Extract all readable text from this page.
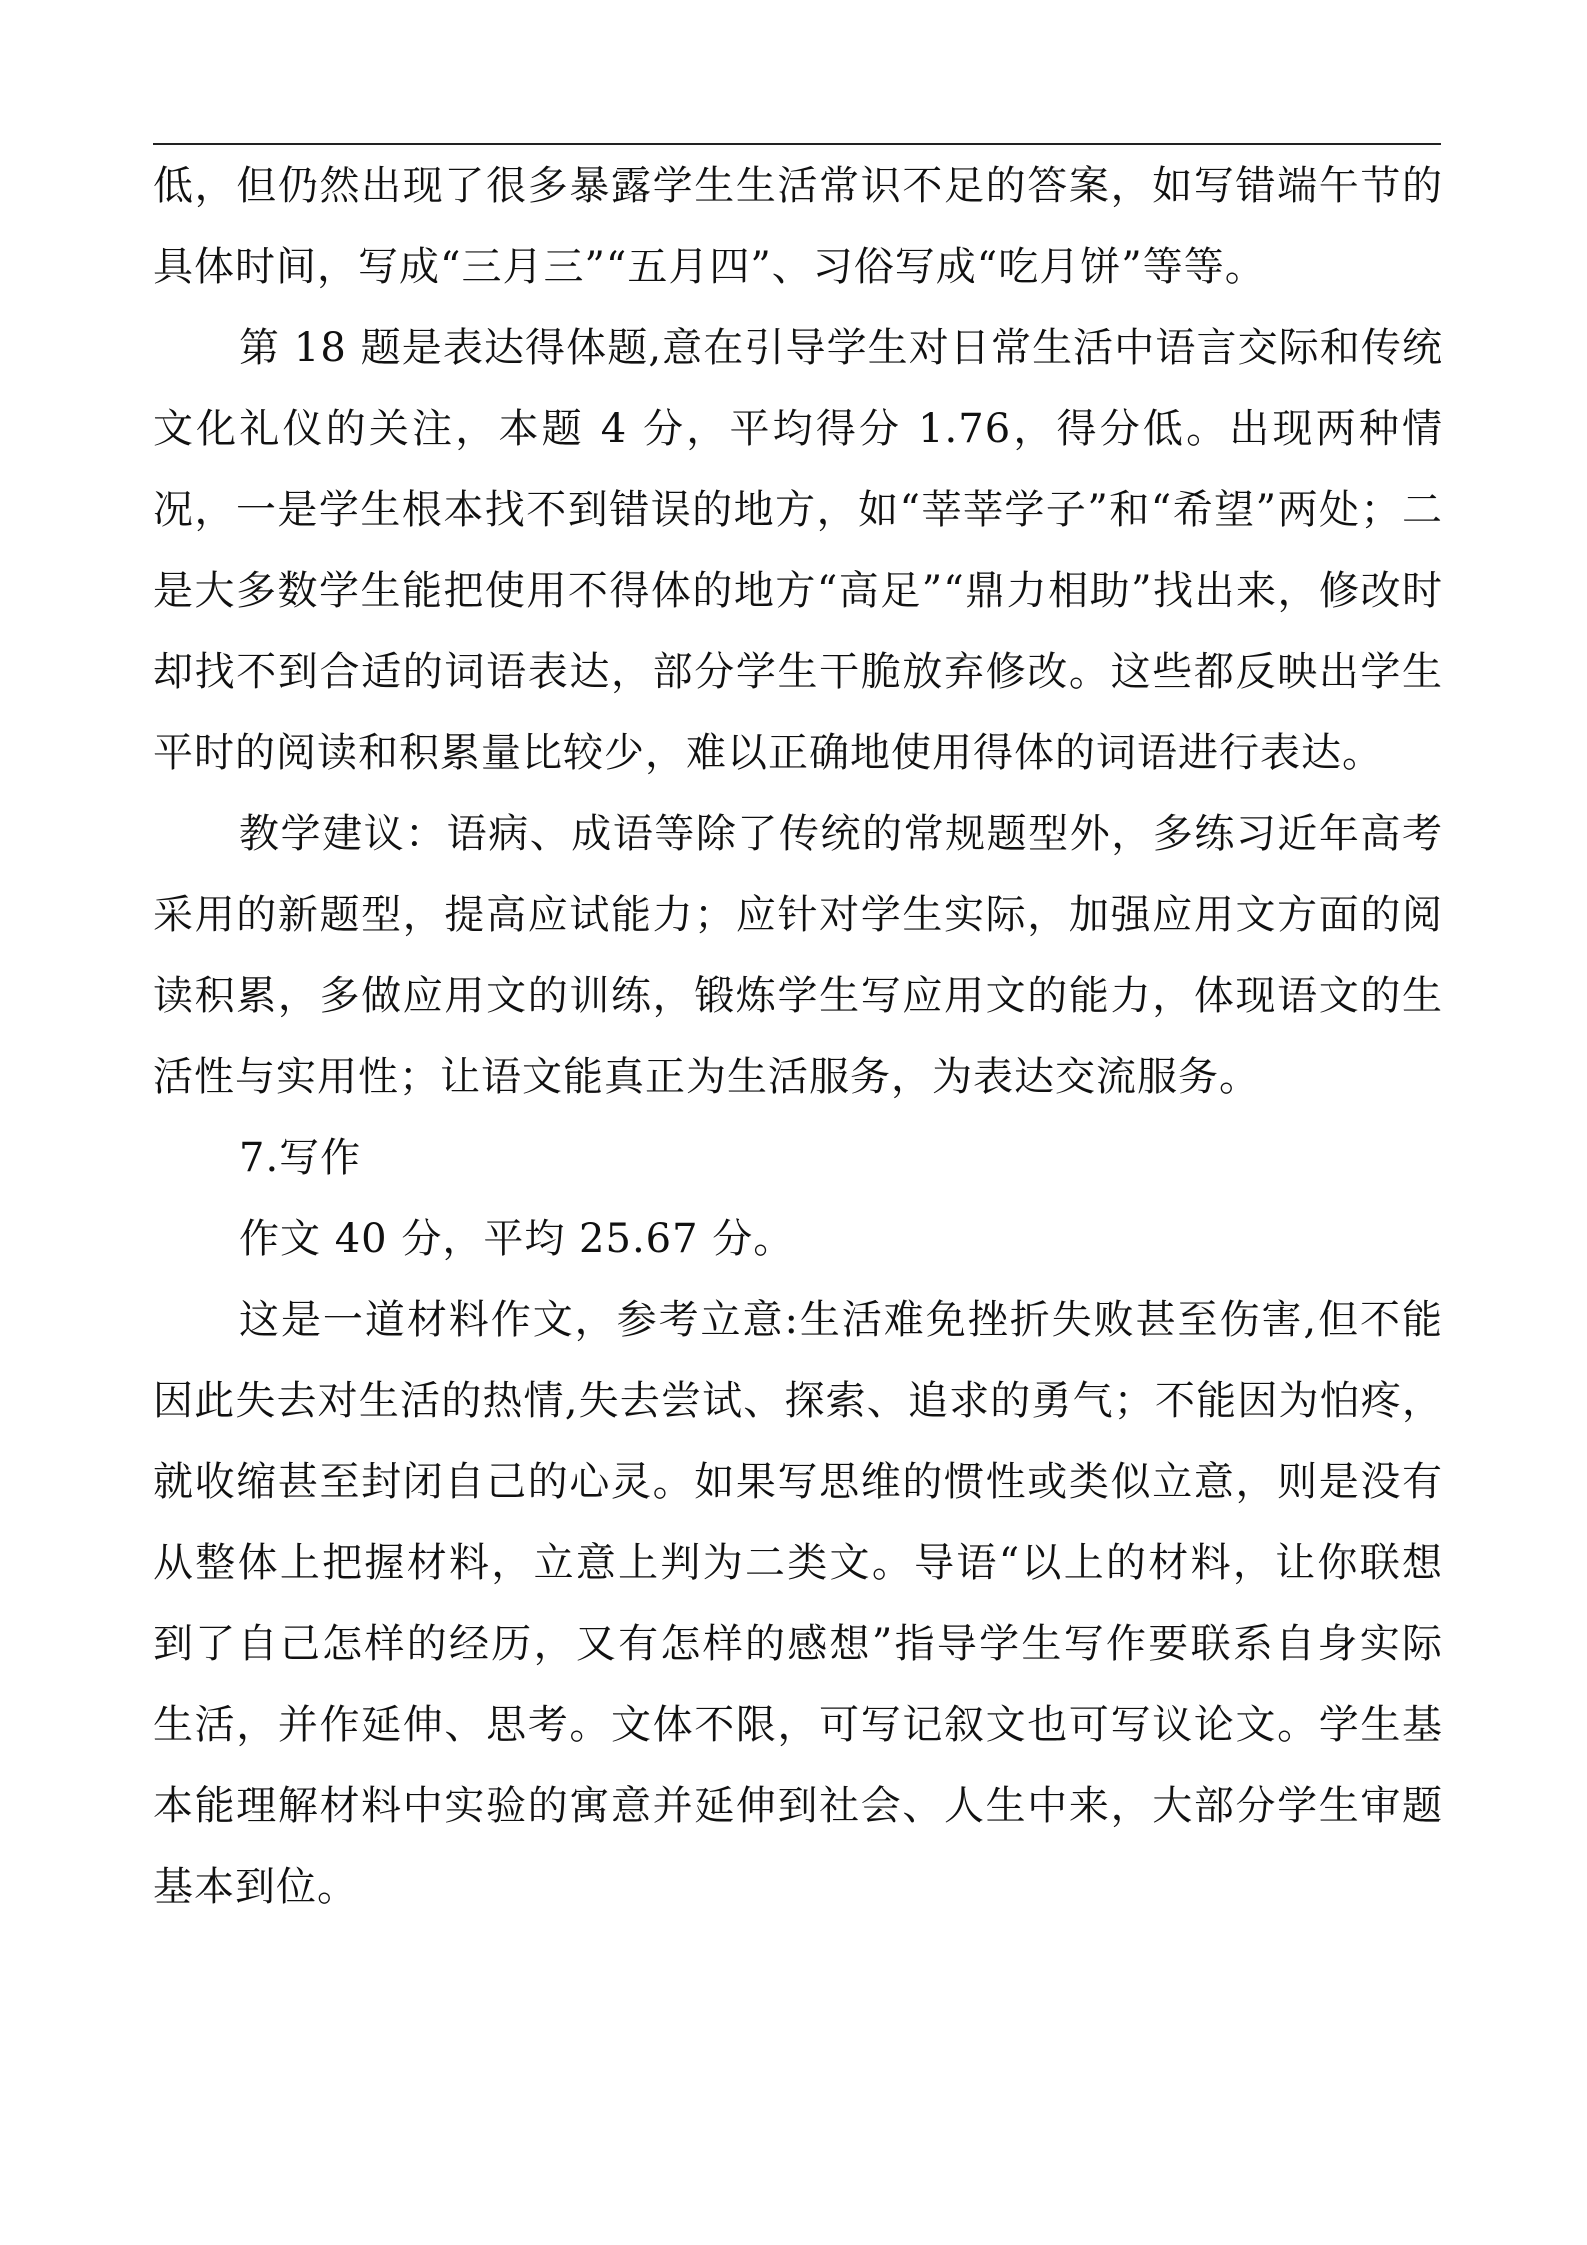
低，但仍然出现了很多暴露学生生活常识不足的答案，如写错端午节的具体时间，写成“三月三”“五月四”、习俗写成“吃月饼”等等。

第 18 题是表达得体题,意在引导学生对日常生活中语言交际和传统文化礼仪的关注，本题 4 分，平均得分 1.76，得分低。出现两种情况，一是学生根本找不到错误的地方，如“莘莘学子”和“希望”两处；二是大多数学生能把使用不得体的地方“高足”“鼎力相助”找出来，修改时却找不到合适的词语表达，部分学生干脆放弃修改。这些都反映出学生平时的阅读和积累量比较少，难以正确地使用得体的词语进行表达。

教学建议：语病、成语等除了传统的常规题型外，多练习近年高考采用的新题型，提高应试能力；应针对学生实际，加强应用文方面的阅读积累，多做应用文的训练，锻炼学生写应用文的能力，体现语文的生活性与实用性；让语文能真正为生活服务，为表达交流服务。

7.写作

作文 40 分，平均 25.67 分。

这是一道材料作文，参考立意:生活难免挫折失败甚至伤害,但不能因此失去对生活的热情,失去尝试、探索、追求的勇气；不能因为怕疼，就收缩甚至封闭自己的心灵。如果写思维的惯性或类似立意，则是没有从整体上把握材料，立意上判为二类文。导语“以上的材料，让你联想到了自己怎样的经历，又有怎样的感想”指导学生写作要联系自身实际生活，并作延伸、思考。文体不限，可写记叙文也可写议论文。学生基本能理解材料中实验的寓意并延伸到社会、人生中来，大部分学生审题基本到位。
